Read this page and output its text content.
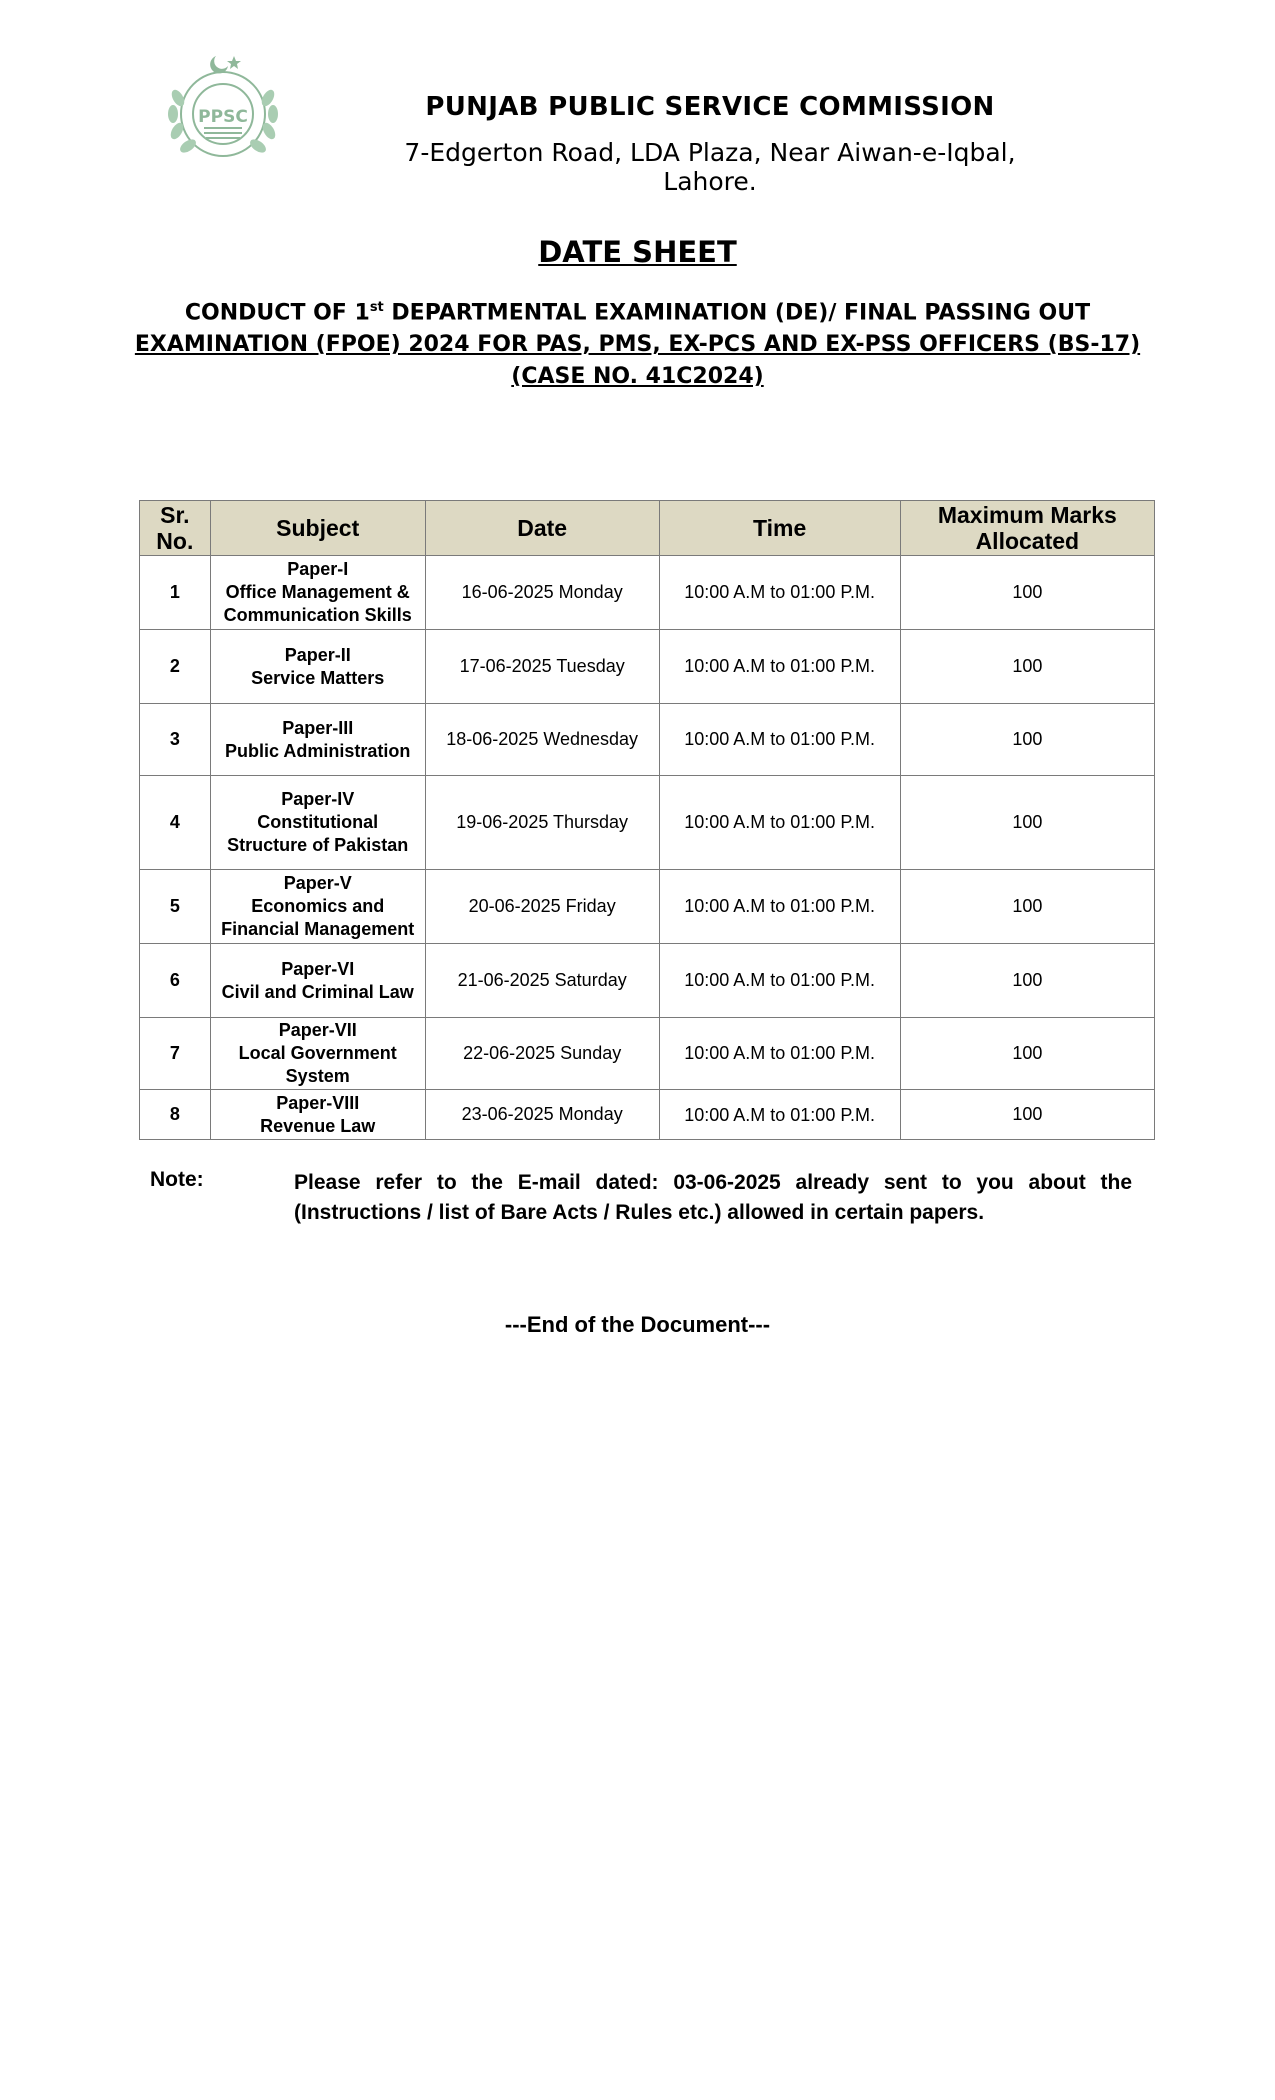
PPSC	PUNJAB PUBLIC SERVICE COMMISSION
7-Edgerton Road, LDA Plaza, Near Aiwan-e-Iqbal, Lahore.
DATE SHEET
CONDUCT OF 1st DEPARTMENTAL EXAMINATION (DE)/ FINAL PASSING OUT
EXAMINATION (FPOE) 2024 FOR PAS, PMS, EX-PCS AND EX-PSS OFFICERS (BS-17)
(CASE NO. 41C2024)
Sr.
No.	Subject	Date	Time	Maximum Marks
Allocated
1	Paper-I
Office Management &
Communication Skills	16-06-2025 Monday	10:00 A.M to 01:00 P.M.	100
2	Paper-II
Service Matters	17-06-2025 Tuesday	10:00 A.M to 01:00 P.M.	100
3	Paper-III
Public Administration	18-06-2025 Wednesday	10:00 A.M to 01:00 P.M.	100
4	Paper-IV
Constitutional
Structure of Pakistan	19-06-2025 Thursday	10:00 A.M to 01:00 P.M.	100
5	Paper-V
Economics and
Financial Management	20-06-2025 Friday	10:00 A.M to 01:00 P.M.	100
6	Paper-VI
Civil and Criminal Law	21-06-2025 Saturday	10:00 A.M to 01:00 P.M.	100
7	Paper-VII
Local Government
System	22-06-2025 Sunday	10:00 A.M to 01:00 P.M.	100
8	Paper-VIII
Revenue Law	23-06-2025 Monday	10:00 A.M to 01:00 P.M.	100
Note:	Please refer to the E-mail dated: 03-06-2025 already sent to you about the (Instructions / list of Bare Acts / Rules etc.) allowed in certain papers.
---End of the Document---
